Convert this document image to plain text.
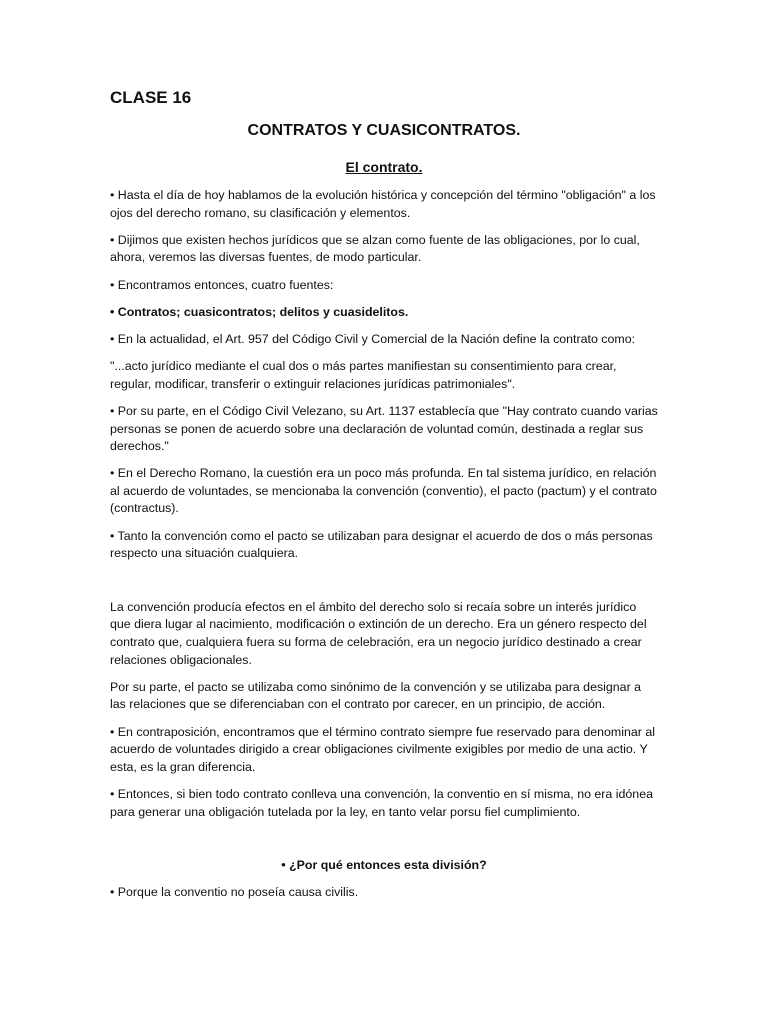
CLASE 16
CONTRATOS Y CUASICONTRATOS.
El contrato.

• Hasta el día de hoy hablamos de la evolución histórica y concepción del término "obligación" a los ojos del derecho romano, su clasificación y elementos.

• Dijimos que existen hechos jurídicos que se alzan como fuente de las obligaciones, por lo cual, ahora, veremos las diversas fuentes, de modo particular.

• Encontramos entonces, cuatro fuentes:

• Contratos; cuasicontratos; delitos y cuasidelitos.

• En la actualidad, el Art. 957 del Código Civil y Comercial de la Nación define la contrato como:

"...acto jurídico mediante el cual dos o más partes manifiestan su consentimiento para crear, regular, modificar, transferir o extinguir relaciones jurídicas patrimoniales".

• Por su parte, en el Código Civil Velezano, su Art. 1137 establecía que "Hay contrato cuando varias personas se ponen de acuerdo sobre una declaración de voluntad común, destinada a reglar sus derechos."

• En el Derecho Romano, la cuestión era un poco más profunda. En tal sistema jurídico, en relación al acuerdo de voluntades, se mencionaba la convención (conventio), el pacto (pactum) y el contrato (contractus).

• Tanto la convención como el pacto se utilizaban para designar el acuerdo de dos o más personas respecto una situación cualquiera.

La convención producía efectos en el ámbito del derecho solo si recaía sobre un interés jurídico que diera lugar al nacimiento, modificación o extinción de un derecho. Era un género respecto del contrato que, cualquiera fuera su forma de celebración, era un negocio jurídico destinado a crear relaciones obligacionales.

Por su parte, el pacto se utilizaba como sinónimo de la convención y se utilizaba para designar a las relaciones que se diferenciaban con el contrato por carecer, en un principio, de acción.

• En contraposición, encontramos que el término contrato siempre fue reservado para denominar al acuerdo de voluntades dirigido a crear obligaciones civilmente exigibles por medio de una actio. Y esta, es la gran diferencia.

• Entonces, si bien todo contrato conlleva una convención, la conventio en sí misma, no era idónea para generar una obligación tutelada por la ley, en tanto velar porsu fiel cumplimiento.

• ¿Por qué entonces esta división?

• Porque la conventio no poseía causa civilis.
